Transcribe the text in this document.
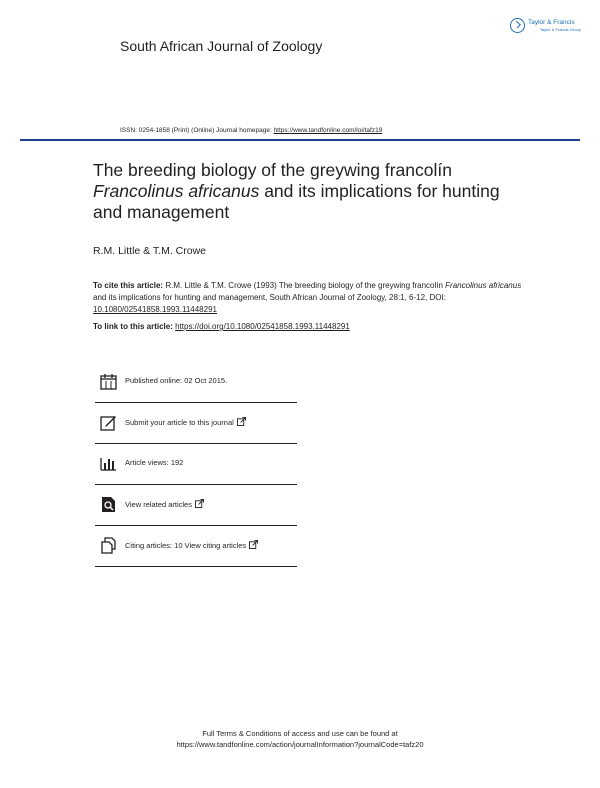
South African Journal of Zoology
Taylor & Francis
Taylor & Francis Group
ISSN: 0254-1858 (Print) (Online) Journal homepage: https://www.tandfonline.com/loi/tafz19
The breeding biology of the greywing francolín
Francolinus africanus and its implications for hunting and management
R.M. Little & T.M. Crowe
To cite this article: R.M. Little & T.M. Crowe (1993) The breeding biology of the greywing francolín Francolinus africanus and its implications for hunting and management, South African Journal of Zoology, 28:1, 6-12, DOI: 10.1080/02541858.1993.11448291
To link to this article: https://doi.org/10.1080/02541858.1993.11448291
Published online: 02 Oct 2015.
Submit your article to this journal
Article views: 192
View related articles
Citing articles: 10 View citing articles
Full Terms & Conditions of access and use can be found at
https://www.tandfonline.com/action/journalInformation?journalCode=tafz20
